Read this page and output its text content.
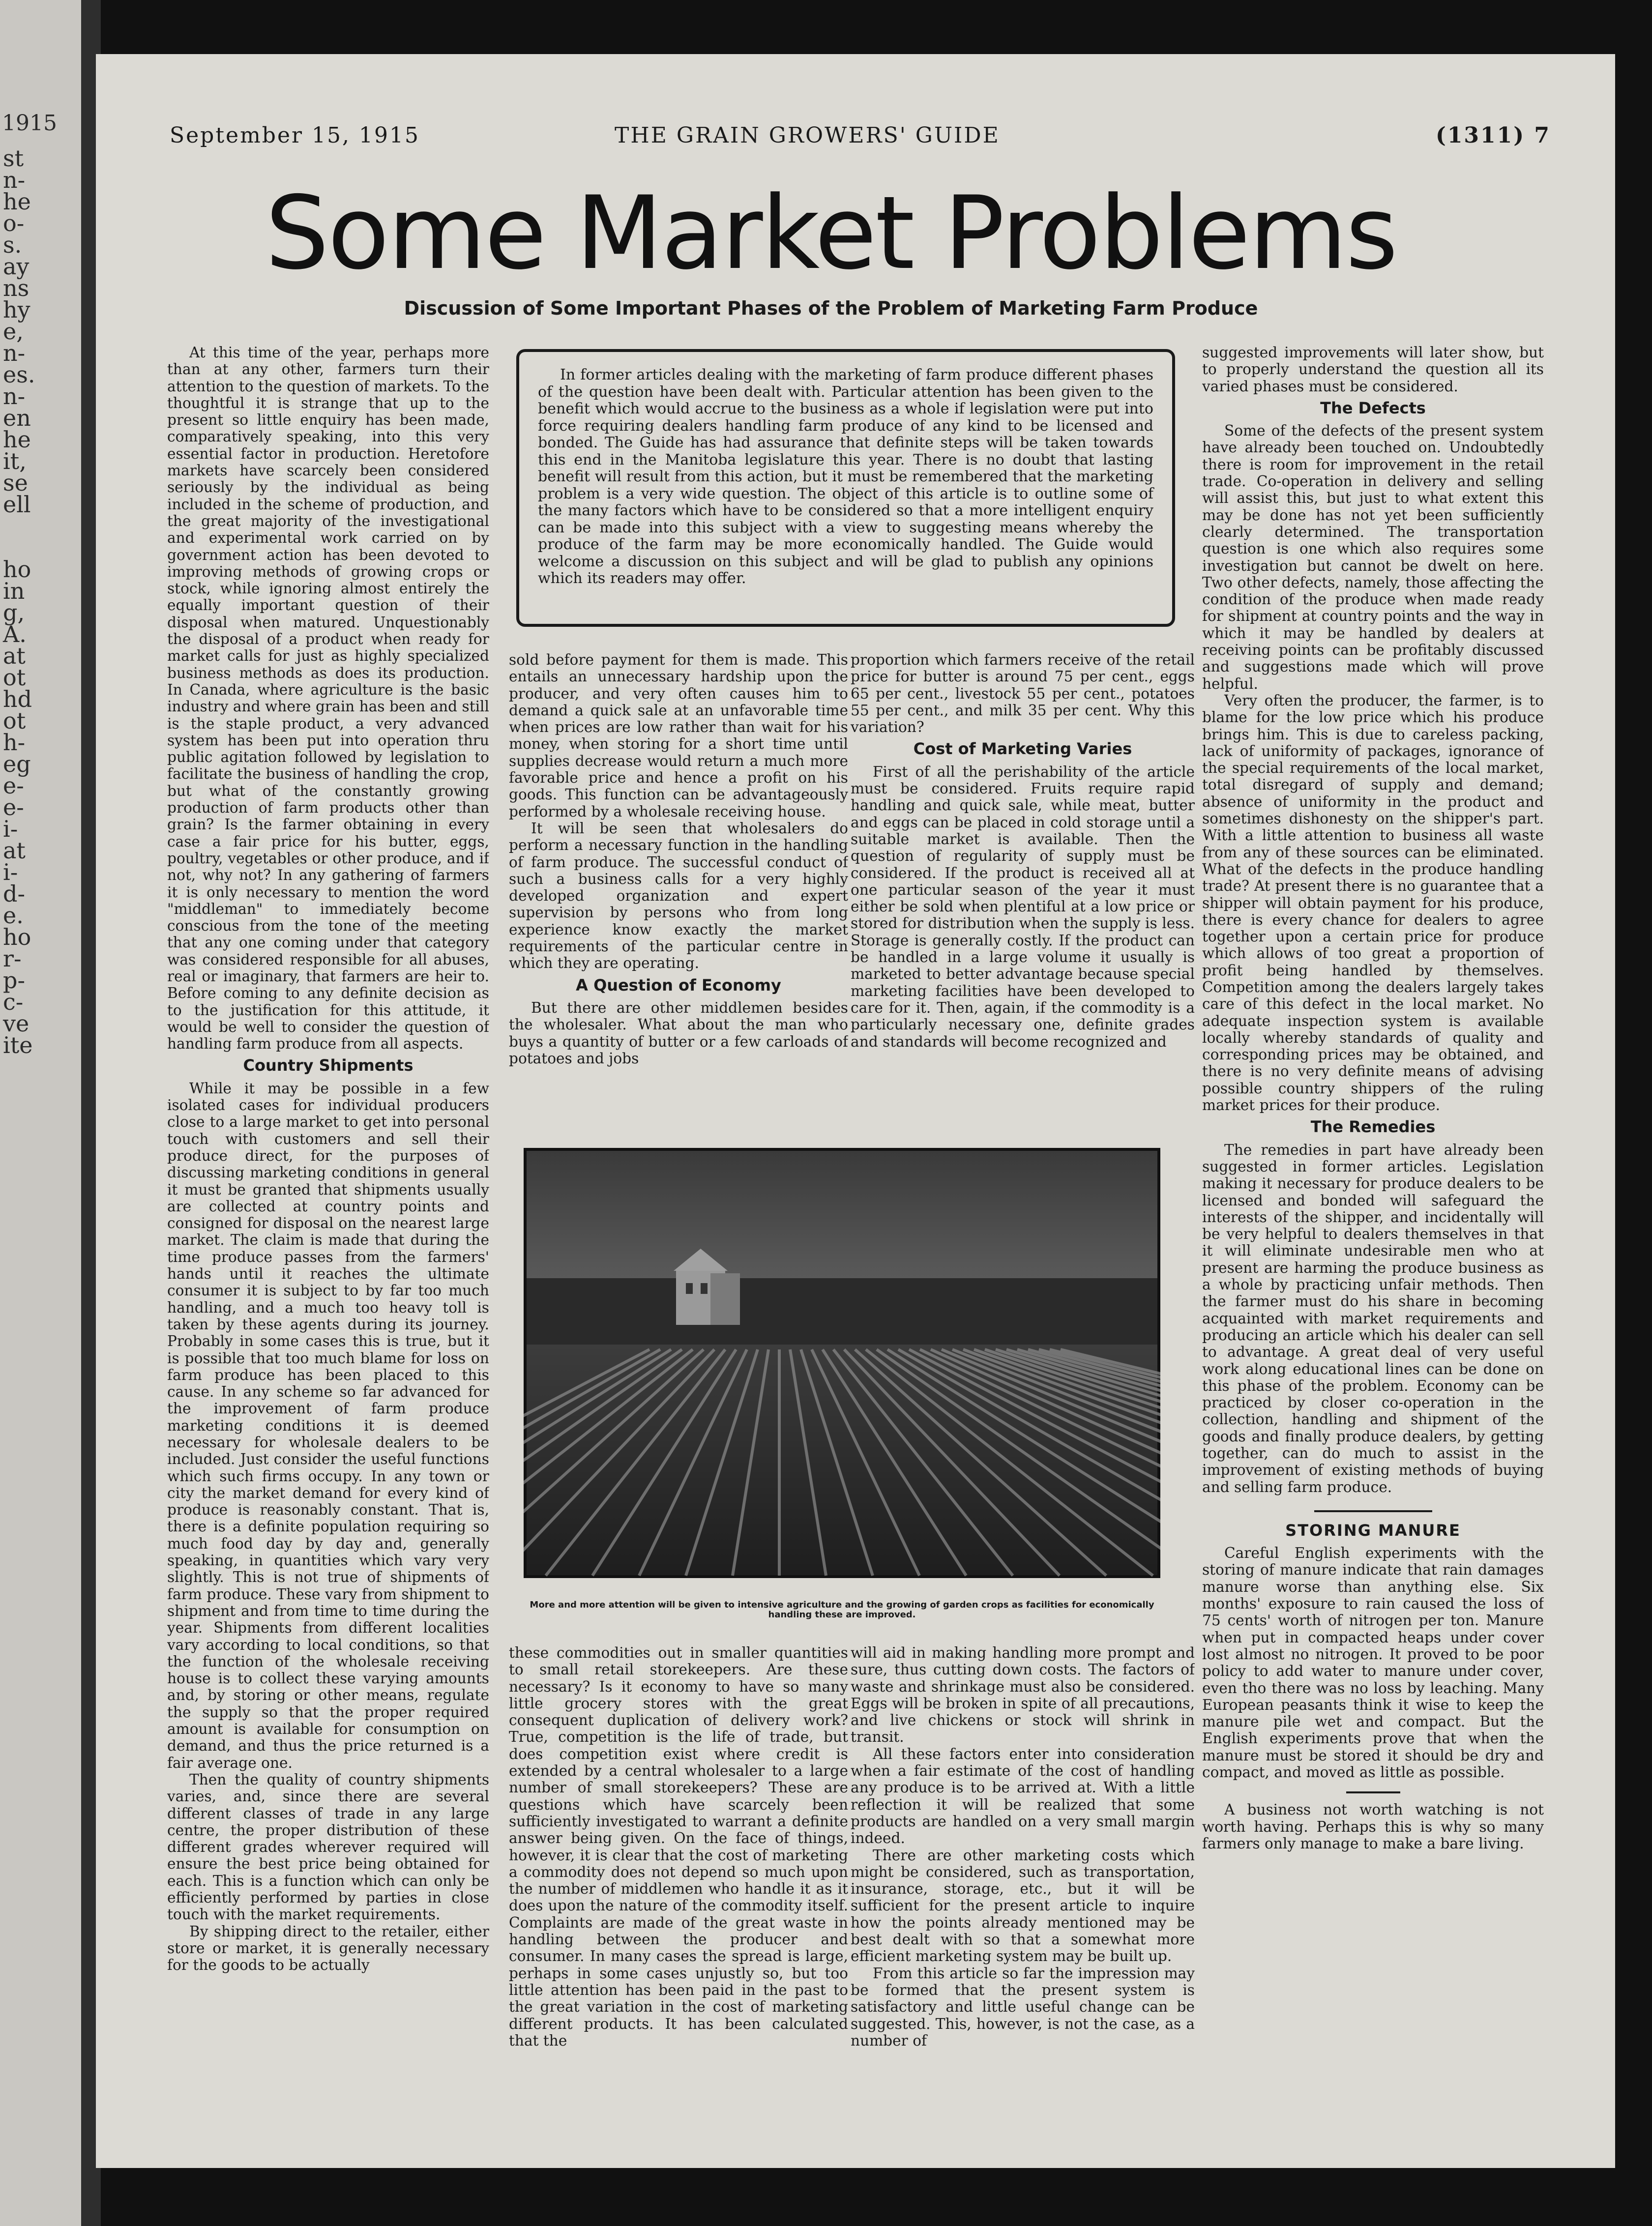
1915
st
n-
he
o-
s.
ay
ns
hy
e,
n-
es.
n-
en
he
it,
se
ell
ho
in
g,
A.
at
ot
hd
ot
h-
eg
e-
e-
i-
at
i-
d-
e.
ho
r-
p-
c-
ve
ite
September 15, 1915	THE GRAIN GROWERS' GUIDE	(1311) 7
Some Market Problems
Discussion of Some Important Phases of the Problem of Marketing Farm Produce

At this time of the year, perhaps more than at any other, farmers turn their attention to the question of markets. To the thoughtful it is strange that up to the present so little enquiry has been made, comparatively speaking, into this very essential factor in production. Heretofore markets have scarcely been considered seriously by the individual as being included in the scheme of production, and the great majority of the investigational and experimental work carried on by government action has been devoted to improving methods of growing crops or stock, while ignoring almost entirely the equally important question of their disposal when matured. Unquestionably the disposal of a product when ready for market calls for just as highly specialized business methods as does its production. In Canada, where agriculture is the basic industry and where grain has been and still is the staple product, a very advanced system has been put into operation thru public agitation followed by legislation to facilitate the business of handling the crop, but what of the constantly growing production of farm products other than grain? Is the farmer obtaining in every case a fair price for his butter, eggs, poultry, vegetables or other produce, and if not, why not? In any gathering of farmers it is only necessary to mention the word "middleman" to immediately become conscious from the tone of the meeting that any one coming under that category was considered responsible for all abuses, real or imaginary, that farmers are heir to. Before coming to any definite decision as to the justification for this attitude, it would be well to consider the question of handling farm produce from all aspects.

Country Shipments

While it may be possible in a few isolated cases for individual producers close to a large market to get into personal touch with customers and sell their produce direct, for the purposes of discussing marketing conditions in general it must be granted that shipments usually are collected at country points and consigned for disposal on the nearest large market. The claim is made that during the time produce passes from the farmers' hands until it reaches the ultimate consumer it is subject to by far too much handling, and a much too heavy toll is taken by these agents during its journey. Probably in some cases this is true, but it is possible that too much blame for loss on farm produce has been placed to this cause. In any scheme so far advanced for the improvement of farm produce marketing conditions it is deemed necessary for wholesale dealers to be included. Just consider the useful functions which such firms occupy. In any town or city the market demand for every kind of produce is reasonably constant. That is, there is a definite population requiring so much food day by day and, generally speaking, in quantities which vary very slightly. This is not true of shipments of farm produce. These vary from shipment to shipment and from time to time during the year. Shipments from different localities vary according to local conditions, so that the function of the wholesale receiving house is to collect these varying amounts and, by storing or other means, regulate the supply so that the proper required amount is available for consumption on demand, and thus the price returned is a fair average one.

Then the quality of country shipments varies, and, since there are several different classes of trade in any large centre, the proper distribution of these different grades wherever required will ensure the best price being obtained for each. This is a function which can only be efficiently performed by parties in close touch with the market requirements.

By shipping direct to the retailer, either store or market, it is generally necessary for the goods to be actually

In former articles dealing with the marketing of farm produce different phases of the question have been dealt with. Particular attention has been given to the benefit which would accrue to the business as a whole if legislation were put into force requiring dealers handling farm produce of any kind to be licensed and bonded. The Guide has had assurance that definite steps will be taken towards this end in the Manitoba legislature this year. There is no doubt that lasting benefit will result from this action, but it must be remembered that the marketing problem is a very wide question. The object of this article is to outline some of the many factors which have to be considered so that a more intelligent enquiry can be made into this subject with a view to suggesting means whereby the produce of the farm may be more economically handled. The Guide would welcome a discussion on this subject and will be glad to publish any opinions which its readers may offer.

sold before payment for them is made. This entails an unnecessary hardship upon the producer, and very often causes him to demand a quick sale at an unfavorable time when prices are low rather than wait for his money, when storing for a short time until supplies decrease would return a much more favorable price and hence a profit on his goods. This function can be advantageously performed by a wholesale receiving house.

It will be seen that wholesalers do perform a necessary function in the handling of farm produce. The successful conduct of such a business calls for a very highly developed organization and expert supervision by persons who from long experience know exactly the market requirements of the particular centre in which they are operating.

A Question of Economy

But there are other middlemen besides the wholesaler. What about the man who buys a quantity of butter or a few carloads of potatoes and jobs

proportion which farmers receive of the retail price for butter is around 75 per cent., eggs 65 per cent., livestock 55 per cent., potatoes 55 per cent., and milk 35 per cent. Why this variation?

Cost of Marketing Varies

First of all the perishability of the article must be considered. Fruits require rapid handling and quick sale, while meat, butter and eggs can be placed in cold storage until a suitable market is available. Then the question of regularity of supply must be considered. If the product is received all at one particular season of the year it must either be sold when plentiful at a low price or stored for distribution when the supply is less. Storage is generally costly. If the product can be handled in a large volume it usually is marketed to better advantage because special marketing facilities have been developed to care for it. Then, again, if the commodity is a particularly necessary one, definite grades and standards will become recognized and

More and more attention will be given to intensive agriculture and the growing of garden crops as facilities for economically handling these are improved.

these commodities out in smaller quantities to small retail storekeepers. Are these necessary? Is it economy to have so many little grocery stores with the great consequent duplication of delivery work? True, competition is the life of trade, but does competition exist where credit is extended by a central wholesaler to a large number of small storekeepers? These are questions which have scarcely been sufficiently investigated to warrant a definite answer being given. On the face of things, however, it is clear that the cost of marketing a commodity does not depend so much upon the number of middlemen who handle it as it does upon the nature of the commodity itself. Complaints are made of the great waste in handling between the producer and consumer. In many cases the spread is large, perhaps in some cases unjustly so, but too little attention has been paid in the past to the great variation in the cost of marketing different products. It has been calculated that the

will aid in making handling more prompt and sure, thus cutting down costs. The factors of waste and shrinkage must also be considered. Eggs will be broken in spite of all precautions, and live chickens or stock will shrink in transit.

All these factors enter into consideration when a fair estimate of the cost of handling any produce is to be arrived at. With a little reflection it will be realized that some products are handled on a very small margin indeed.

There are other marketing costs which might be considered, such as transportation, insurance, storage, etc., but it will be sufficient for the present article to inquire how the points already mentioned may be best dealt with so that a somewhat more efficient marketing system may be built up.

From this article so far the impression may be formed that the present system is satisfactory and little useful change can be suggested. This, however, is not the case, as a number of

suggested improvements will later show, but to properly understand the question all its varied phases must be considered.

The Defects

Some of the defects of the present system have already been touched on. Undoubtedly there is room for improvement in the retail trade. Co-operation in delivery and selling will assist this, but just to what extent this may be done has not yet been sufficiently clearly determined. The transportation question is one which also requires some investigation but cannot be dwelt on here. Two other defects, namely, those affecting the condition of the produce when made ready for shipment at country points and the way in which it may be handled by dealers at receiving points can be profitably discussed and suggestions made which will prove helpful.

Very often the producer, the farmer, is to blame for the low price which his produce brings him. This is due to careless packing, lack of uniformity of packages, ignorance of the special requirements of the local market, total disregard of supply and demand; absence of uniformity in the product and sometimes dishonesty on the shipper's part. With a little attention to business all waste from any of these sources can be eliminated. What of the defects in the produce handling trade? At present there is no guarantee that a shipper will obtain payment for his produce, there is every chance for dealers to agree together upon a certain price for produce which allows of too great a proportion of profit being handled by themselves. Competition among the dealers largely takes care of this defect in the local market. No adequate inspection system is available locally whereby standards of quality and corresponding prices may be obtained, and there is no very definite means of advising possible country shippers of the ruling market prices for their produce.

The Remedies

The remedies in part have already been suggested in former articles. Legislation making it necessary for produce dealers to be licensed and bonded will safeguard the interests of the shipper, and incidentally will be very helpful to dealers themselves in that it will eliminate undesirable men who at present are harming the produce business as a whole by practicing unfair methods. Then the farmer must do his share in becoming acquainted with market requirements and producing an article which his dealer can sell to advantage. A great deal of very useful work along educational lines can be done on this phase of the problem. Economy can be practiced by closer co-operation in the collection, handling and shipment of the goods and finally produce dealers, by getting together, can do much to assist in the improvement of existing methods of buying and selling farm produce.

STORING MANURE

Careful English experiments with the storing of manure indicate that rain damages manure worse than anything else. Six months' exposure to rain caused the loss of 75 cents' worth of nitrogen per ton. Manure when put in compacted heaps under cover lost almost no nitrogen. It proved to be poor policy to add water to manure under cover, even tho there was no loss by leaching. Many European peasants think it wise to keep the manure pile wet and compact. But the English experiments prove that when the manure must be stored it should be dry and compact, and moved as little as possible.

A business not worth watching is not worth having. Perhaps this is why so many farmers only manage to make a bare living.
